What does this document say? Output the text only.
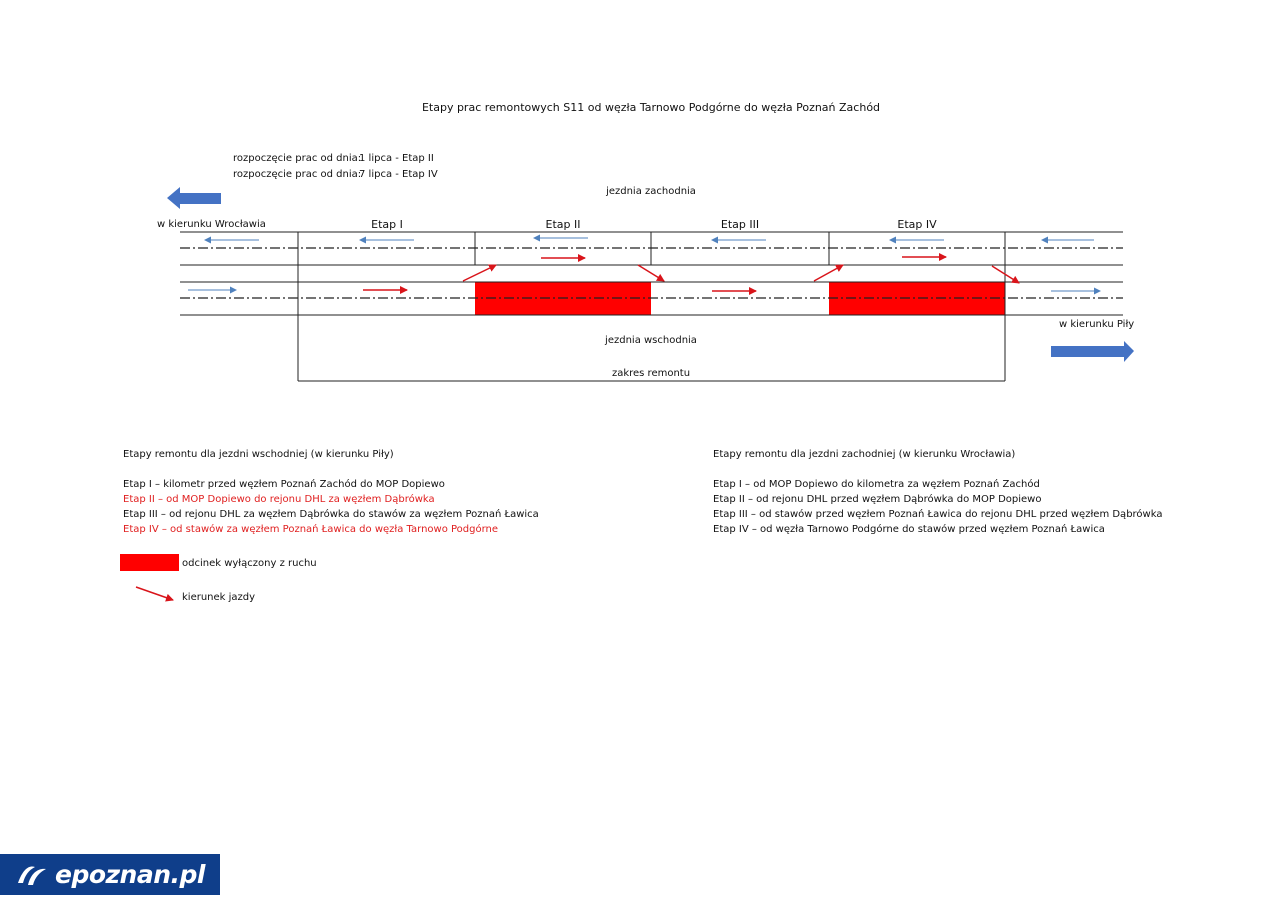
Etapy prac remontowych S11 od węzła Tarnowo Podgórne do węzła Poznań Zachód
rozpoczęcie prac od dnia:
1 lipca - Etap II
rozpoczęcie prac od dnia:
7 lipca - Etap IV
jezdnia zachodnia
w kierunku Wrocławia	Etap I	Etap II	Etap III	Etap IV
w kierunku Piły
jezdnia wschodnia
zakres remontu
Etapy remontu dla jezdni wschodniej (w kierunku Piły)
Etap I – kilometr przed węzłem Poznań Zachód do MOP Dopiewo
Etap II – od MOP Dopiewo do rejonu DHL za węzłem Dąbrówka
Etap III – od rejonu DHL za węzłem Dąbrówka do stawów za węzłem Poznań Ławica
Etap IV – od stawów za węzłem Poznań Ławica do węzła Tarnowo Podgórne
Etapy remontu dla jezdni zachodniej (w kierunku Wrocławia)
Etap I – od MOP Dopiewo do kilometra za węzłem Poznań Zachód
Etap II – od rejonu DHL przed węzłem Dąbrówka do MOP Dopiewo
Etap III – od stawów przed węzłem Poznań Ławica do rejonu DHL przed węzłem Dąbrówka
Etap IV – od węzła Tarnowo Podgórne do stawów przed węzłem Poznań Ławica
odcinek wyłączony z ruchu
kierunek jazdy
epoznan.pl
